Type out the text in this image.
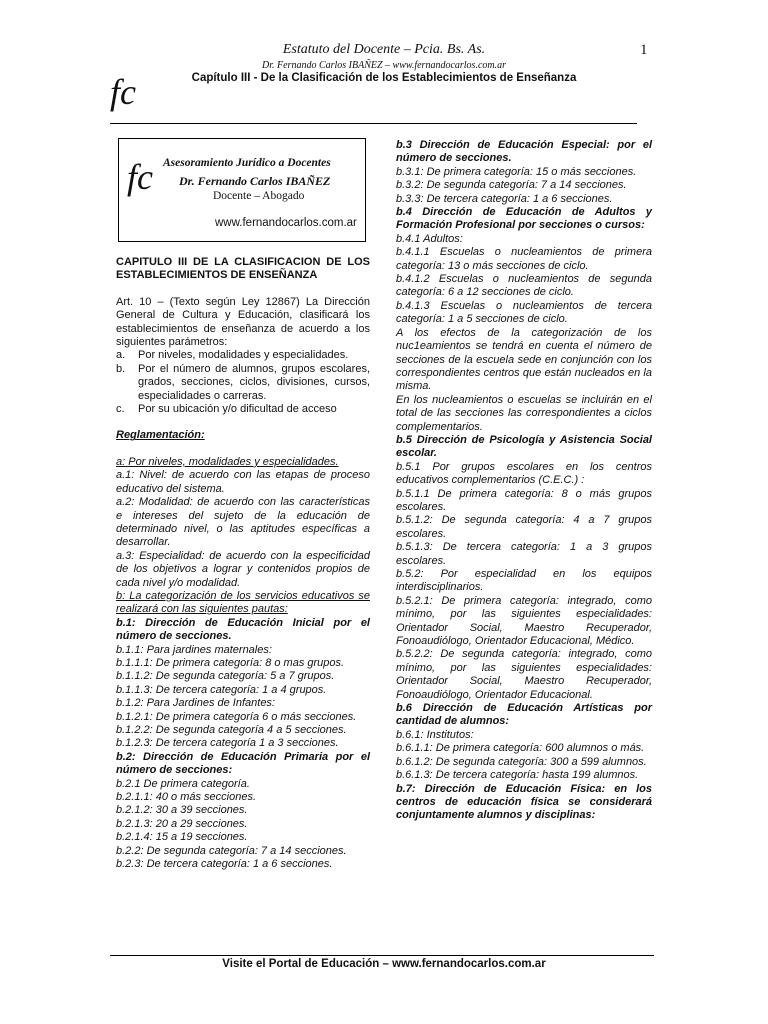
Estatuto del Docente – Pcia. Bs. As.	1
Dr. Fernando Carlos IBAÑEZ – www.fernandocarlos.com.ar
Capítulo III - De la Clasificación de los Establecimientos de Enseñanza
fc
fc Asesoramiento Jurídico a Docentes
Dr. Fernando Carlos IBAÑEZ
Docente – Abogado
www.fernandocarlos.com.ar

CAPITULO III DE LA CLASIFICACION DE LOS ESTABLECIMIENTOS DE ENSEÑANZA

Art. 10 – (Texto según Ley 12867) La Dirección General de Cultura y Educación, clasificará los establecimientos de enseñanza de acuerdo a los siguientes parámetros:

a.	Por niveles, modalidades y especialidades.
b.	Por el número de alumnos, grupos escolares, grados, secciones, ciclos, divisiones, cursos, especialidades o carreras.
c.	Por su ubicación y/o dificultad de acceso

Reglamentación:

a: Por niveles, modalidades y especialidades.

a.1: Nivel: de acuerdo con las etapas de proceso educativo del sistema.

a.2: Modalidad: de acuerdo con las características e intereses del sujeto de la educación de determinado nivel, o las aptitudes específicas a desarrollar.

a.3: Especialidad: de acuerdo con la especificidad de los objetivos a lograr y contenidos propios de cada nivel y/o modalidad.

b: La categorización de los servicios educativos se realizará con las siguientes pautas:

b.1: Dirección de Educación Inicial por el número de secciones.

b.1.1: Para jardines maternales:

b.1.1.1: De primera categoría: 8 o mas grupos.

b.1.1.2: De segunda categoría: 5 a 7 grupos.

b.1.1.3: De tercera categoría: 1 a 4 grupos.

b.1.2: Para Jardines de Infantes:

b.1.2.1: De primera categoría 6 o más secciones.

b.1.2.2: De segunda categoría 4 a 5 secciones.

b.1.2.3: De tercera categoría 1 a 3 secciones.

b.2: Dirección de Educación Primaria por el número de secciones:

b.2.1 De primera categoría.

b.2.1.1: 40 o más secciones.

b.2.1.2: 30 a 39 secciones.

b.2.1.3: 20 a 29 secciones.

b.2.1.4: 15 a 19 secciones.

b.2.2: De segunda categoría: 7 a 14 secciones.

b.2.3: De tercera categoría: 1 a 6 secciones.

b.3 Dirección de Educación Especial: por el número de secciones.

b.3.1: De primera categoría: 15 o más secciones.

b.3.2: De segunda categoría: 7 a 14 secciones.

b.3.3: De tercera categoría: 1 a 6 secciones.

b.4 Dirección de Educación de Adultos y Formación Profesional por secciones o cursos:

b.4.1 Adultos:

b.4.1.1 Escuelas o nucleamientos de primera categoría: 13 o más secciones de ciclo.

b.4.1.2 Escuelas o nucleamientos de segunda categoría: 6 a 12 secciones de ciclo.

b.4.1.3 Escuelas o nucleamientos de tercera categoría: 1 a 5 secciones de ciclo.

A los efectos de la categorización de los nuc1eamientos se tendrá en cuenta el número de secciones de la escuela sede en conjunción con los correspondientes centros que están nucleados en la misma.

En los nucleamientos o escuelas se incluirán en el total de las secciones las correspondientes a ciclos complementarios.

b.5 Dirección de Psicología y Asistencia Social escolar.

b.5.1 Por grupos escolares en los centros educativos complementarios (C.E.C.) :

b.5.1.1 De primera categoría: 8 o más grupos escolares.

b.5.1.2: De segunda categoría: 4 a 7 grupos escolares.

b.5.1.3: De tercera categoría: 1 a 3 grupos escolares.

b.5.2: Por especialidad en los equipos interdisciplinarios.

b.5.2.1: De primera categoría: integrado, como mínimo, por las siguientes especialidades: Orientador Social, Maestro Recuperador, Fonoaudiólogo, Orientador Educacional, Médico.

b.5.2.2: De segunda categoría: integrado, como mínimo, por las siguientes especialidades: Orientador Social, Maestro Recuperador, Fonoaudiólogo, Orientador Educacional.

b.6 Dirección de Educación Artísticas por cantidad de alumnos:

b.6.1: Institutos:

b.6.1.1: De primera categoría: 600 alumnos o más.

b.6.1.2: De segunda categoría: 300 a 599 alumnos.

b.6.1.3: De tercera categoría: hasta 199 alumnos.

b.7: Dirección de Educación Física: en los centros de educación física se considerará conjuntamente alumnos y disciplinas:

Visite el Portal de Educación – www.fernandocarlos.com.ar
